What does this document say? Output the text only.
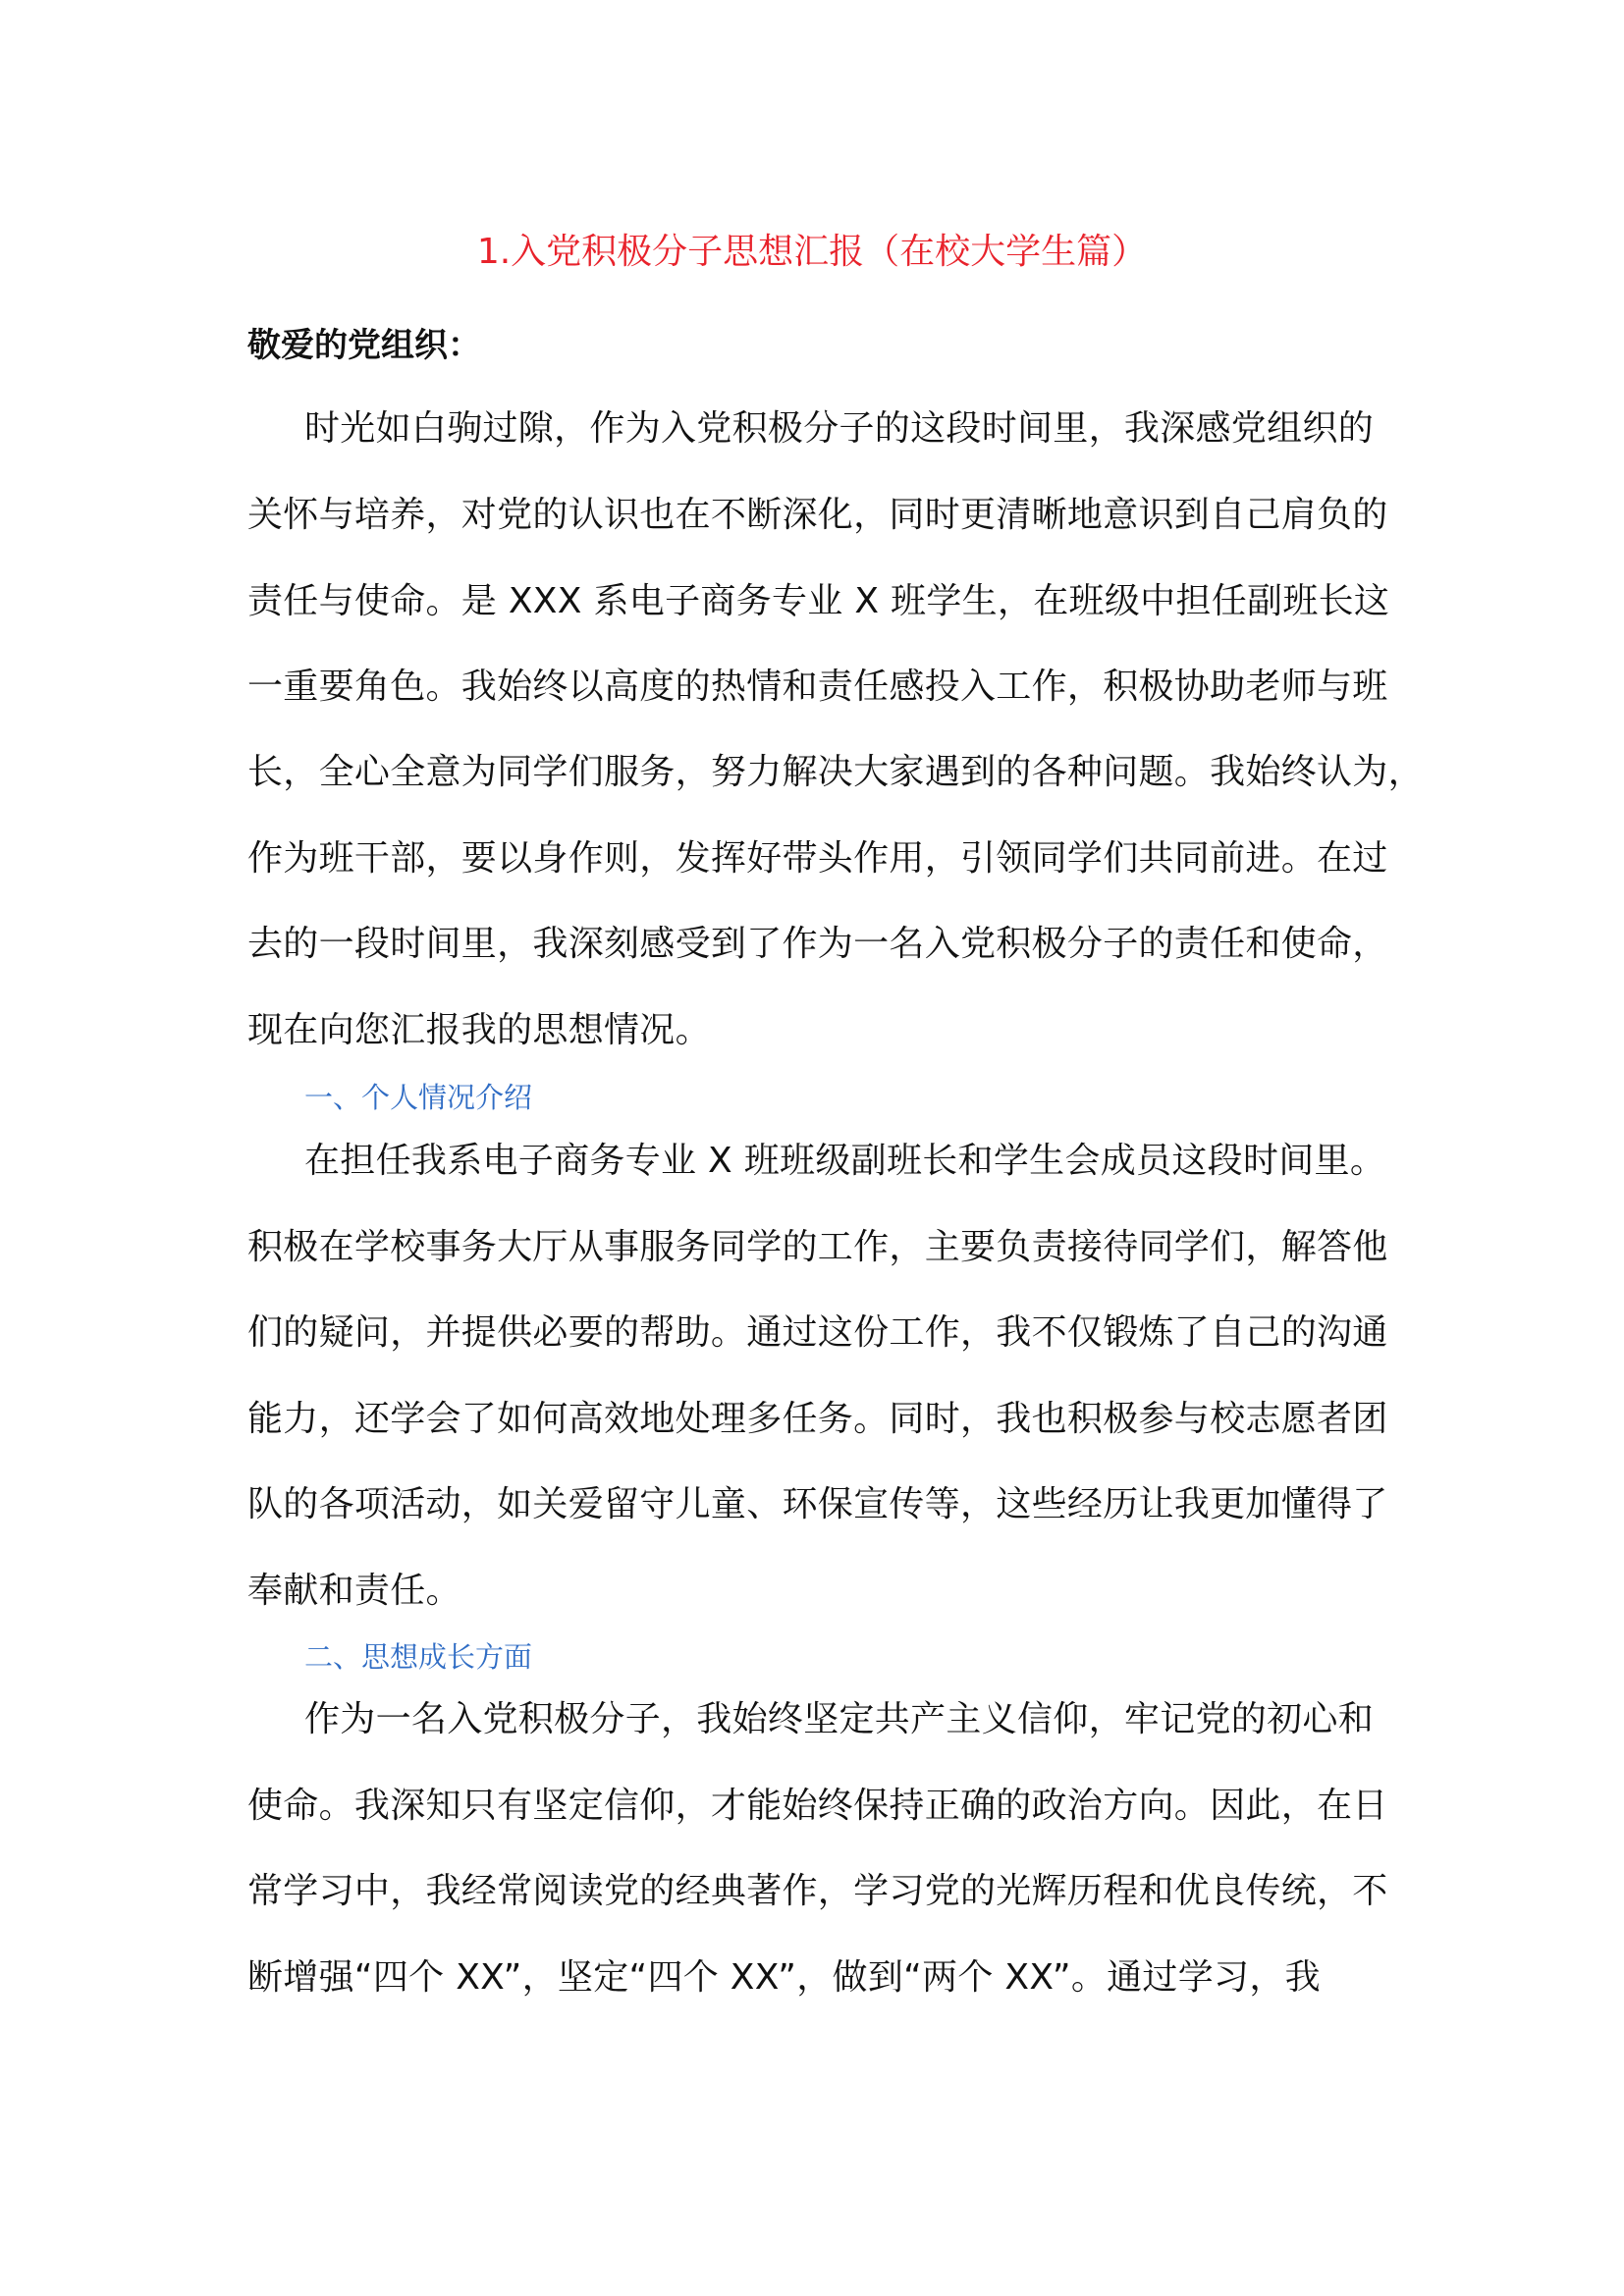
1.入党积极分子思想汇报（在校大学生篇）
敬爱的党组织：
时光如白驹过隙，作为入党积极分子的这段时间里，我深感党组织的
关怀与培养，对党的认识也在不断深化，同时更清晰地意识到自己肩负的
责任与使命。是 XXX 系电子商务专业 X 班学生，在班级中担任副班长这
一重要角色。我始终以高度的热情和责任感投入工作，积极协助老师与班
长，全心全意为同学们服务，努力解决大家遇到的各种问题。我始终认为，
作为班干部，要以身作则，发挥好带头作用，引领同学们共同前进。在过
去的一段时间里，我深刻感受到了作为一名入党积极分子的责任和使命，
现在向您汇报我的思想情况。
一、个人情况介绍
在担任我系电子商务专业 X 班班级副班长和学生会成员这段时间里。
积极在学校事务大厅从事服务同学的工作，主要负责接待同学们，解答他
们的疑问，并提供必要的帮助。通过这份工作，我不仅锻炼了自己的沟通
能力，还学会了如何高效地处理多任务。同时，我也积极参与校志愿者团
队的各项活动，如关爱留守儿童、环保宣传等，这些经历让我更加懂得了
奉献和责任。
二、思想成长方面
作为一名入党积极分子，我始终坚定共产主义信仰，牢记党的初心和
使命。我深知只有坚定信仰，才能始终保持正确的政治方向。因此，在日
常学习中，我经常阅读党的经典著作，学习党的光辉历程和优良传统，不
断增强“四个 XX”，坚定“四个 XX”，做到“两个 XX”。通过学习，我
